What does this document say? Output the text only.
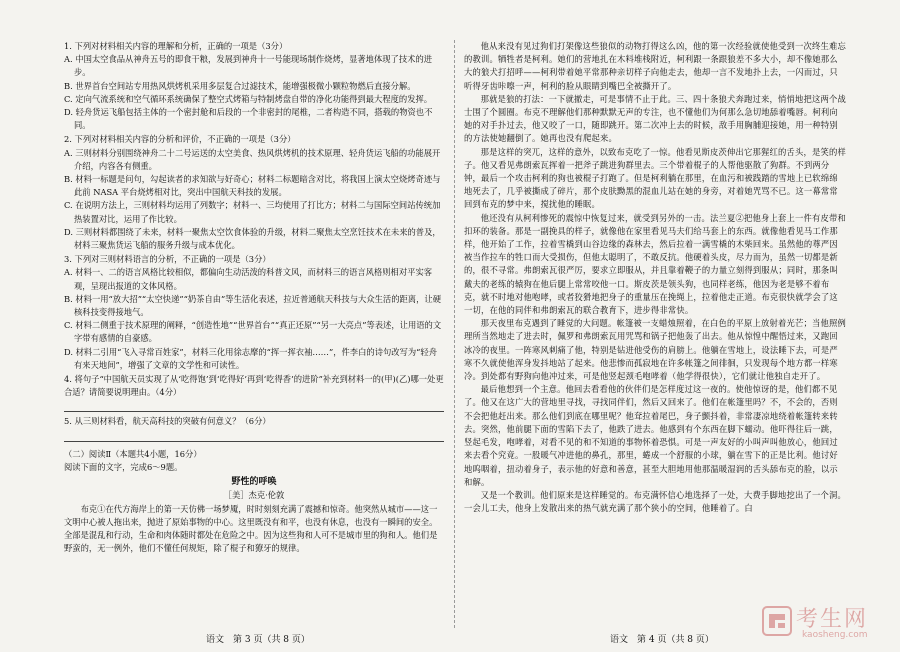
1. 下列对材料相关内容的理解和分析，正确的一项是（3分）
A. 中国太空食品从神舟五号的即食干粮，发展到神舟十一号能现场制作烧烤，显著地体现了技术的进步。
B. 世界首台空间站专用热风烘烤机采用多层复合过滤技术，能增强极微小颗粒物燃后直接分解。
C. 定向气流系统和空气循环系统确保了整空式烤箱与特制烤盘自带的净化功能得到最大程度的发挥。
D. 轻舟货运飞船包括主体的一个密封舱和后段的一个非密封的尾椎，二者构造不同，搭载的物资也不同。
2. 下列对材料相关内容的分析和评价，不正确的一项是（3分）
A. 三则材料分别围绕神舟二十二号运送的太空美食、热风烘烤机的技术原理、轻舟货运飞船的功能展开介绍，内容各有侧重。
B. 材料一标题是问句，勾起读者的求知欲与好奇心；材料二标题暗含对比，将我国上演太空烧烤奇迹与此前 NASA 平台烧烤相对比，突出中国航天科技的发展。
C. 在说明方法上，三则材料均运用了列数字；材料一、三均使用了打比方；材料二与国际空间站传统加热装置对比，运用了作比较。
D. 三则材料都围绕了未来，材料一聚焦太空饮食体验的升级，材料二聚焦太空烹饪技术在未来的普及，材料三聚焦货运飞船的服务升级与成本优化。
3. 下列对三则材料语言的分析，不正确的一项是（3分）
A. 材料一、二的语言风格比较相似，都偏向生动活泼的科普文风，而材料三的语言风格则相对平实客观，呈现出报道的文体风格。
B. 材料一用“放大招”“太空快递”“奶茶自由”等生活化表述，拉近普通航天科技与大众生活的距离，让硬核科技变得接地气。
C. 材料二侧重于技术原理的阐释，“创造性地”“世界首台”“真正还原”“另一大亮点”等表述，让用语的文字带有感情的自豪感。
D. 材料二引用“飞入寻常百姓家”，材料三化用徐志摩的“挥一挥衣袖……”，件李白的诗句改写为“轻舟有来天地间”，增强了文章的文学性和可读性。
4. 将句子“中国航天员实现了从‘吃得饱’到‘吃得好’再到‘吃得香’的进阶”补充到材料一的(甲)(乙)哪一处更合适？请简要说明理由。（4分）
5. 从三则材料看，航天高科技的突破有何意义？（6分）
（二）阅读Ⅱ（本题共4小题，16分）
阅读下面的文字，完成6～9题。
野性的呼唤
［美］杰克·伦敦

布克①在代方海岸上的第一天仿佛一场梦魇，时时刻刻充满了震撼和惊奇。他突然从城市——这一文明中心被人拖出来，抛进了原始事物的中心。这里既没有和平，也没有休息，也没有一瞬间的安全。全部是混乱和行动，生命和肉体随时都处在危险之中。因为这些狗和人可不是城市里的狗和人。他们是野蛮的，无一例外，他们不懂任何规矩，除了棍子和獠牙的规律。

他从来没有见过狗们打架像这些狼似的动物打得这么凶，他的第一次经验就使他受到一次终生难忘的教训。牺牲者是柯利。她们的营地扎在木料堆栈附近，柯利跟一条跟狼差不多大小，却不像她那么大的狼犬打招呼——柯利带着她平常那种亲切样子向他走去，他却一言不发地扑上去，一闪而过，只听得牙齿咔嚓一声，柯利的脸从眼睛到嘴巴全被撕开了。

那就是狼的打法：一下就撤走，可是事情不止于此。三、四十条狼犬奔跑过来，悄悄地把这两个战士围了个圆圈。布克不理解他们那种默默无声的专注，也不懂他们为何那么急切地舔着嘴唇。柯利向她的对手扑过去，他又咬了一口，随即跳开。第二次冲上去的时候，敌手用胸脯迎接她，用一种特别的方法使她翻倒了。她再也没有爬起来。

那是这样的突兀，这样的意外，以致布克吃了一惊。他看见斯皮茨伸出它那猩红的舌头，是笑的样子。他又看见弗朗索瓦挥着一把斧子跳进狗群里去。三个带着棍子的人帮他驱散了狗群。不到两分钟，最后一个攻击柯利的狗也被棍子打跑了。但是柯利躺在那里，在血污和被践踏的雪地上已软绵绵地死去了，几乎被撕成了碎片，那个皮肤黝黑的混血儿站在她的身旁，对着她咒骂不已。这一幕常常回到布克的梦中来，搅扰他的睡眠。

他还没有从柯利惨死的震惊中恢复过来，就受到另外的一击。法兰夏②把他身上套上一件有皮带和扣环的装备。那是一副挽具的样子，就像他在家里看见马夫们给马套上的东西。就像他看见马工作那样，他开始了工作，拉着雪橇到山谷边缘的森林去，然后拉着一满雪橇的木柴回来。虽然他的尊严因被当作拉车的牲口而大受损伤，但他太聪明了，不敢反抗。他硬着头皮，尽力而为，虽然一切都是新的，很不寻常。弗朗索瓦很严厉，要求立即服从，并且靠着鞭子的力量立刻得到服从；同时，那条叫戴夫的老练的辕狗在他后腿上常常咬他一口。斯皮茨是领头狗，也同样老练，他因为老是够不着布克，就不时地对他咆哮，或者狡猾地把身子的重量压在挽绳上，拉着他走正道。布克很快就学会了这一切，在他的同伴和弗朗索瓦的联合教育下，进步得非常快。

那天夜里布克遇到了睡觉的大问题。帐篷被一支蜡烛照着，在白色的平原上放射着光芒；当他照例理所当然地走了进去时，佩罗和弗朗索瓦用咒骂和锅子把他轰了出去。他从惊惶中醒悟过来，又跑回冰冷的夜里。一阵寒风刺痛了他，特别是钻进他受伤的肩膀上。他躺在雪地上，设法睡下去，可是严寒不久就使他浑身发抖地站了起来。他悲惨而孤寂地在许多帐篷之间徘徊，只发现每个地方都一样寒冷。到处都有野狗向他冲过来，可是他竖起颈毛咆哮着（他学得很快），它们就让他独自走开了。

最后他想到一个主意。他回去看看他的伙伴们是怎样度过这一夜的。使他惊讶的是，他们都不见了。他又在这广大的营地里寻找，寻找同伴们，然后又回来了。他们在帐篷里吗？不，不会的，否则不会把他赶出来。那么他们到底在哪里呢？他耷拉着尾巴，身子颤抖着，非常凄凉地绕着帐篷转来转去。突然，他前腿下面的雪陷下去了，他跌了进去。他感到有个东西在脚下蠕动。他吓得往后一跳，竖起毛发，咆哮着，对看不见的和不知道的事物怀着恐惧。可是一声友好的小叫声叫他放心，他回过来去看个究竟。一股暖气冲进他的鼻孔，那里，蜷成一个舒服的小球，躺在雪下的正是比利。他讨好地呜咽着，扭动着身子，表示他的好意和善意，甚至大胆地用他那温暖湿润的舌头舔布克的脸，以示和解。

又是一个教训。他们原来是这样睡觉的。布克满怀信心地选择了一处，大费手脚地挖出了一个洞。一会儿工夫，他身上发散出来的热气就充满了那个狭小的空间，他睡着了。白

语文　第 3 页（共 8 页）	语文　第 4 页（共 8 页）
考生网
kaosheng.com
